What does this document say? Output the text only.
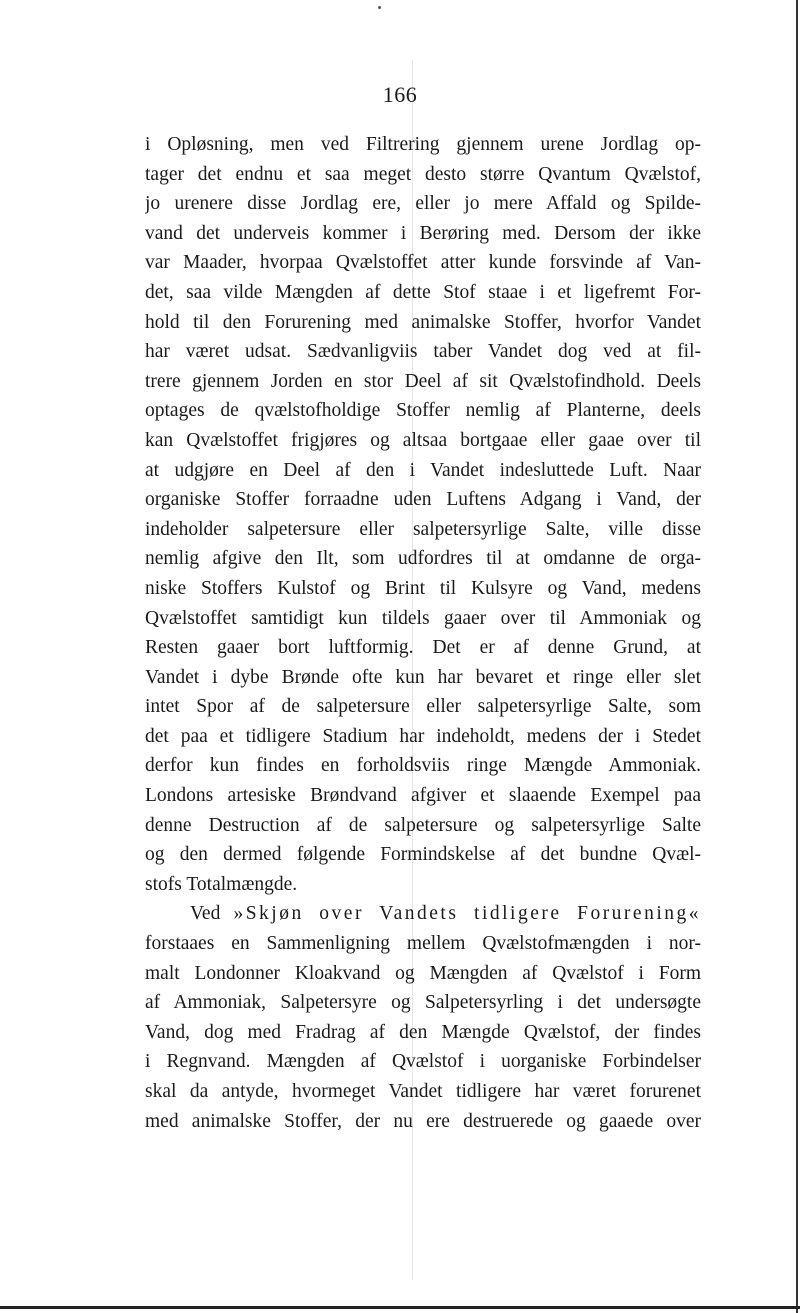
166
i Opløsning, men ved Filtrering gjennem urene Jordlag op-
tager det endnu et saa meget desto større Qvantum Qvælstof,
jo urenere disse Jordlag ere, eller jo mere Affald og Spilde-
vand det underveis kommer i Berøring med. Dersom der ikke
var Maader, hvorpaa Qvælstoffet atter kunde forsvinde af Van-
det, saa vilde Mængden af dette Stof staae i et ligefremt For-
hold til den Forurening med animalske Stoffer, hvorfor Vandet
har været udsat. Sædvanligviis taber Vandet dog ved at fil-
trere gjennem Jorden en stor Deel af sit Qvælstofindhold. Deels
optages de qvælstofholdige Stoffer nemlig af Planterne, deels
kan Qvælstoffet frigjøres og altsaa bortgaae eller gaae over til
at udgjøre en Deel af den i Vandet indesluttede Luft. Naar
organiske Stoffer forraadne uden Luftens Adgang i Vand, der
indeholder salpetersure eller salpetersyrlige Salte, ville disse
nemlig afgive den Ilt, som udfordres til at omdanne de orga-
niske Stoffers Kulstof og Brint til Kulsyre og Vand, medens
Qvælstoffet samtidigt kun tildels gaaer over til Ammoniak og
Resten gaaer bort luftformig. Det er af denne Grund, at
Vandet i dybe Brønde ofte kun har bevaret et ringe eller slet
intet Spor af de salpetersure eller salpetersyrlige Salte, som
det paa et tidligere Stadium har indeholdt, medens der i Stedet
derfor kun findes en forholdsviis ringe Mængde Ammoniak.
Londons artesiske Brøndvand afgiver et slaaende Exempel paa
denne Destruction af de salpetersure og salpetersyrlige Salte
og den dermed følgende Formindskelse af det bundne Qvæl-
stofs Totalmængde.
Ved »Skjøn over Vandets tidligere Forurening«
forstaaes en Sammenligning mellem Qvælstofmængden i nor-
malt Londonner Kloakvand og Mængden af Qvælstof i Form
af Ammoniak, Salpetersyre og Salpetersyrling i det undersøgte
Vand, dog med Fradrag af den Mængde Qvælstof, der findes
i Regnvand. Mængden af Qvælstof i uorganiske Forbindelser
skal da antyde, hvormeget Vandet tidligere har været forurenet
med animalske Stoffer, der nu ere destruerede og gaaede over
